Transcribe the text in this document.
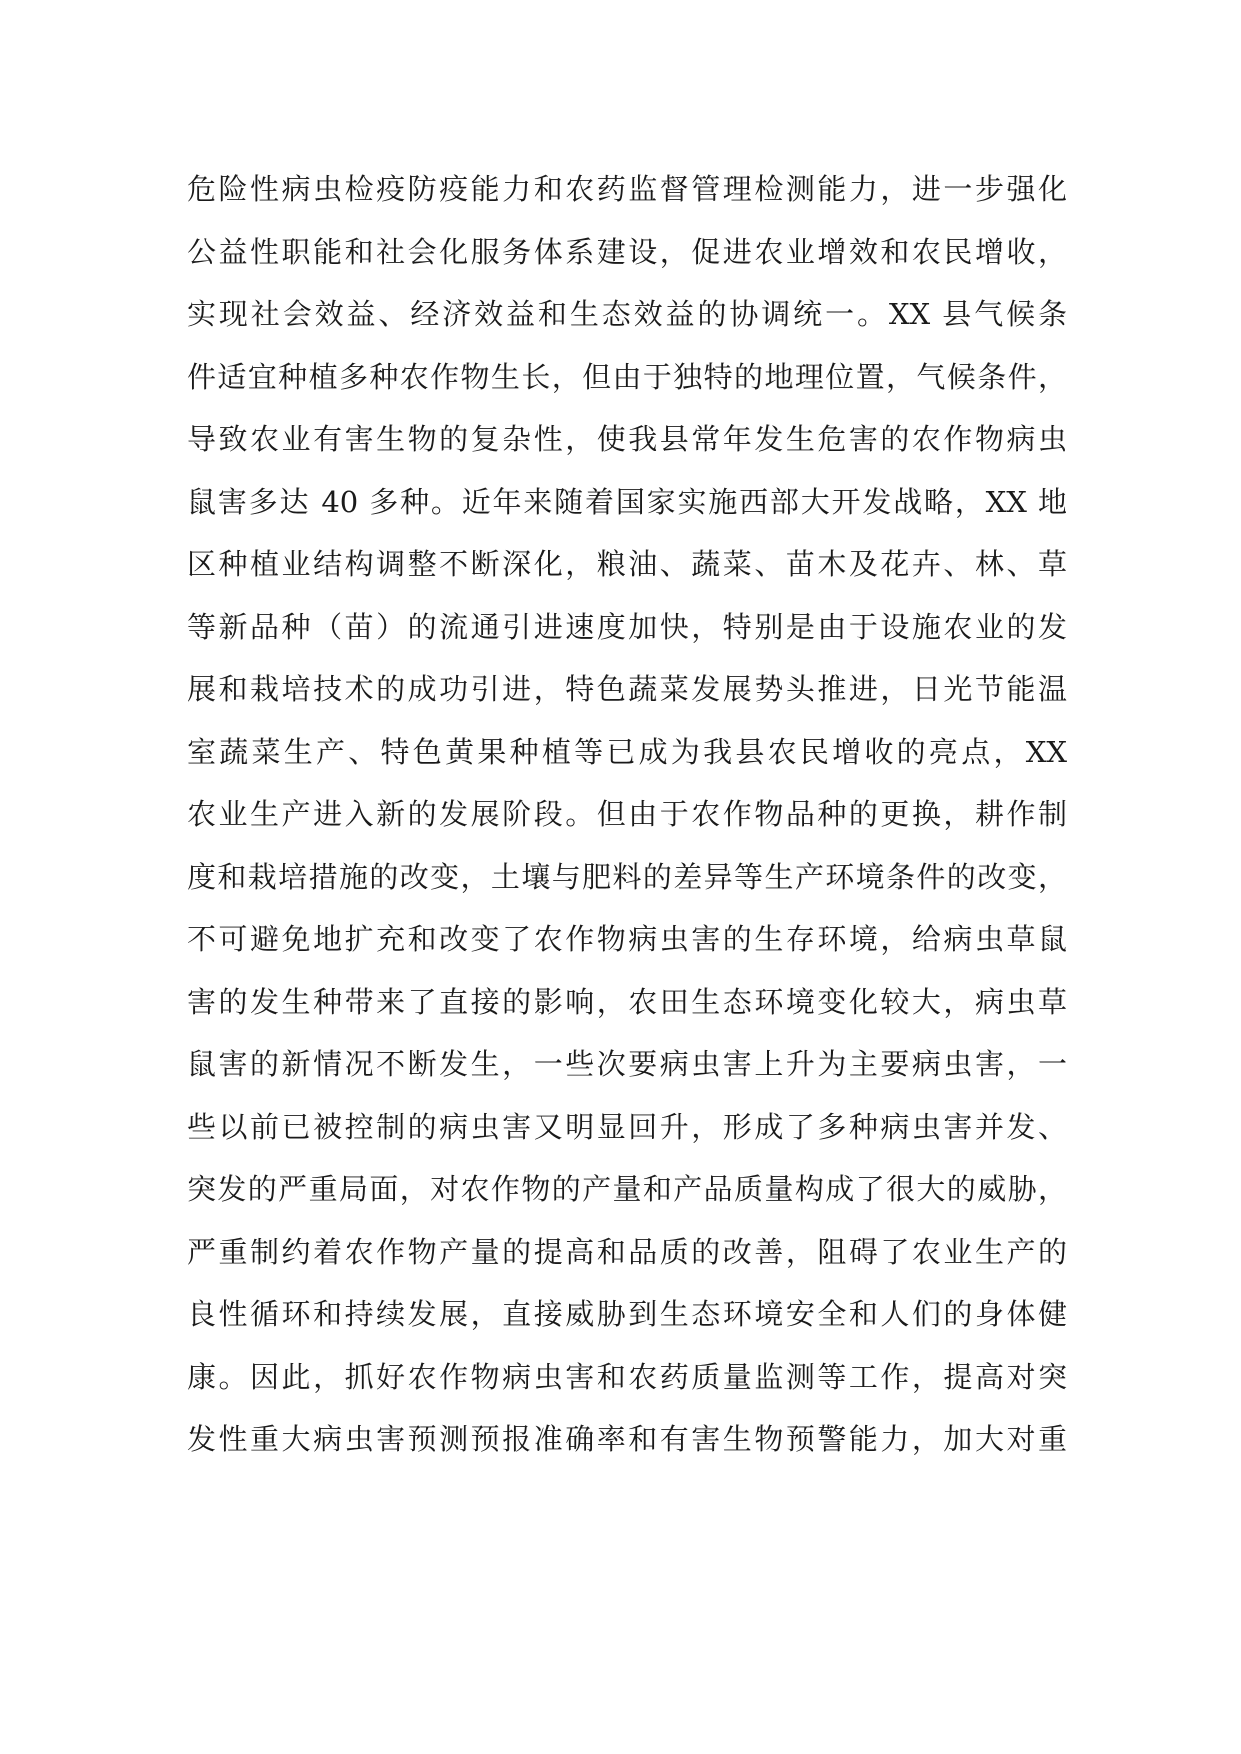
危险性病虫检疫防疫能力和农药监督管理检测能力，进一步强化
公益性职能和社会化服务体系建设，促进农业增效和农民增收，
实现社会效益、经济效益和生态效益的协调统一。XX 县气候条
件适宜种植多种农作物生长，但由于独特的地理位置，气候条件，
导致农业有害生物的复杂性，使我县常年发生危害的农作物病虫
鼠害多达 40 多种。近年来随着国家实施西部大开发战略，XX 地
区种植业结构调整不断深化，粮油、蔬菜、苗木及花卉、林、草
等新品种（苗）的流通引进速度加快，特别是由于设施农业的发
展和栽培技术的成功引进，特色蔬菜发展势头推进，日光节能温
室蔬菜生产、特色黄果种植等已成为我县农民增收的亮点，XX
农业生产进入新的发展阶段。但由于农作物品种的更换，耕作制
度和栽培措施的改变，土壤与肥料的差异等生产环境条件的改变，
不可避免地扩充和改变了农作物病虫害的生存环境，给病虫草鼠
害的发生种带来了直接的影响，农田生态环境变化较大，病虫草
鼠害的新情况不断发生，一些次要病虫害上升为主要病虫害，一
些以前已被控制的病虫害又明显回升，形成了多种病虫害并发、
突发的严重局面，对农作物的产量和产品质量构成了很大的威胁，
严重制约着农作物产量的提高和品质的改善，阻碍了农业生产的
良性循环和持续发展，直接威胁到生态环境安全和人们的身体健
康。因此，抓好农作物病虫害和农药质量监测等工作，提高对突
发性重大病虫害预测预报准确率和有害生物预警能力，加大对重
